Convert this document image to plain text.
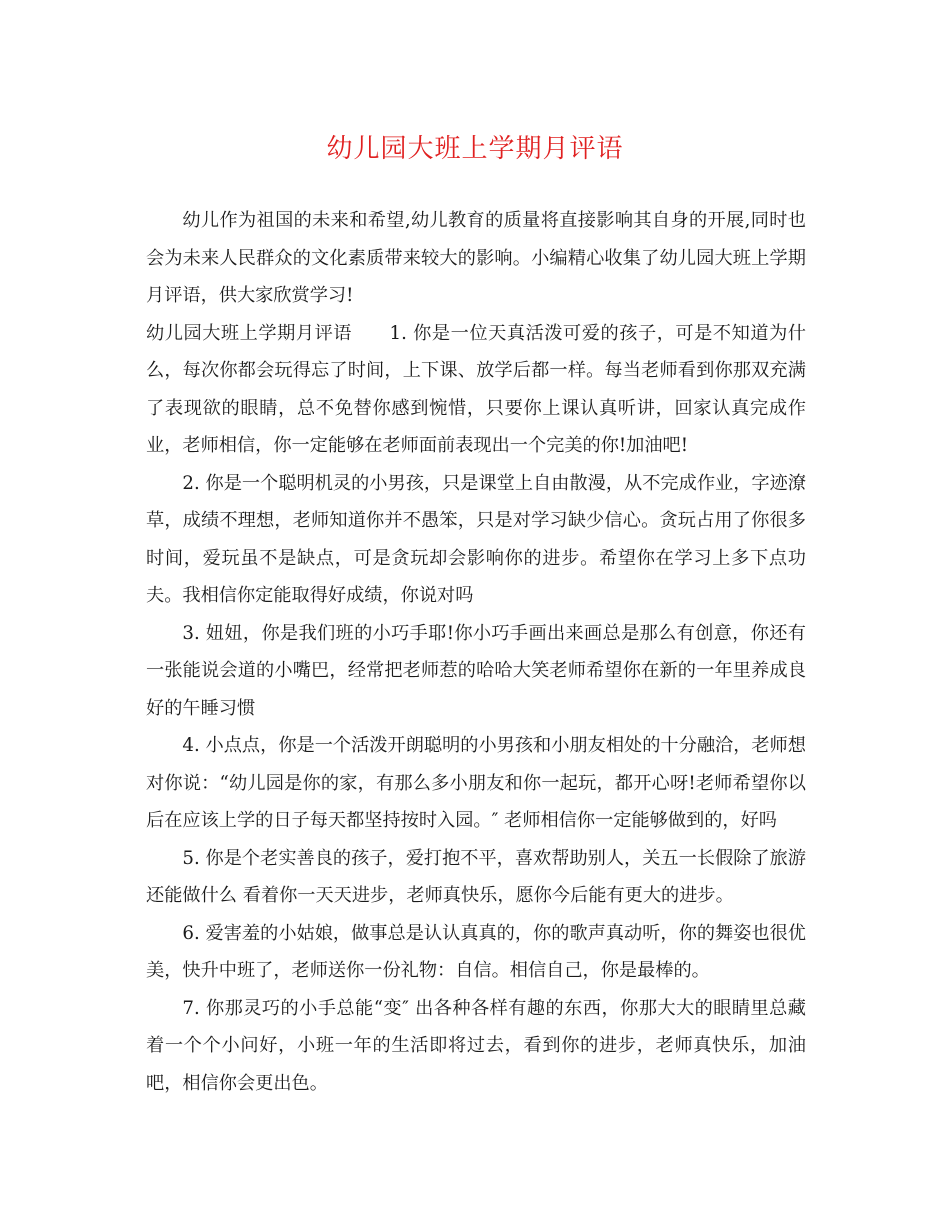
幼儿园大班上学期月评语

幼儿作为祖国的未来和希望,幼儿教育的质量将直接影响其自身的开展,同时也会为未来人民群众的文化素质带来较大的影响。小编精心收集了幼儿园大班上学期月评语，供大家欣赏学习!

幼儿园大班上学期月评语　　1. 你是一位天真活泼可爱的孩子，可是不知道为什么，每次你都会玩得忘了时间，上下课、放学后都一样。每当老师看到你那双充满了表现欲的眼睛，总不免替你感到惋惜，只要你上课认真听讲，回家认真完成作业，老师相信，你一定能够在老师面前表现出一个完美的你!加油吧!

2. 你是一个聪明机灵的小男孩，只是课堂上自由散漫，从不完成作业，字迹潦草，成绩不理想，老师知道你并不愚笨，只是对学习缺少信心。贪玩占用了你很多时间，爱玩虽不是缺点，可是贪玩却会影响你的进步。希望你在学习上多下点功夫。我相信你定能取得好成绩，你说对吗

3. 妞妞，你是我们班的小巧手耶!你小巧手画出来画总是那么有创意，你还有一张能说会道的小嘴巴，经常把老师惹的哈哈大笑老师希望你在新的一年里养成良好的午睡习惯

4. 小点点，你是一个活泼开朗聪明的小男孩和小朋友相处的十分融洽，老师想对你说：“幼儿园是你的家，有那么多小朋友和你一起玩，都开心呀!老师希望你以后在应该上学的日子每天都坚持按时入园。″ 老师相信你一定能够做到的，好吗

5. 你是个老实善良的孩子，爱打抱不平，喜欢帮助别人，关五一长假除了旅游 还能做什么 看着你一天天进步，老师真快乐，愿你今后能有更大的进步。

6. 爱害羞的小姑娘，做事总是认认真真的，你的歌声真动听，你的舞姿也很优美，快升中班了，老师送你一份礼物：自信。相信自己，你是最棒的。

7. 你那灵巧的小手总能“变″ 出各种各样有趣的东西，你那大大的眼睛里总藏着一个个小问好，小班一年的生活即将过去，看到你的进步，老师真快乐，加油吧，相信你会更出色。
